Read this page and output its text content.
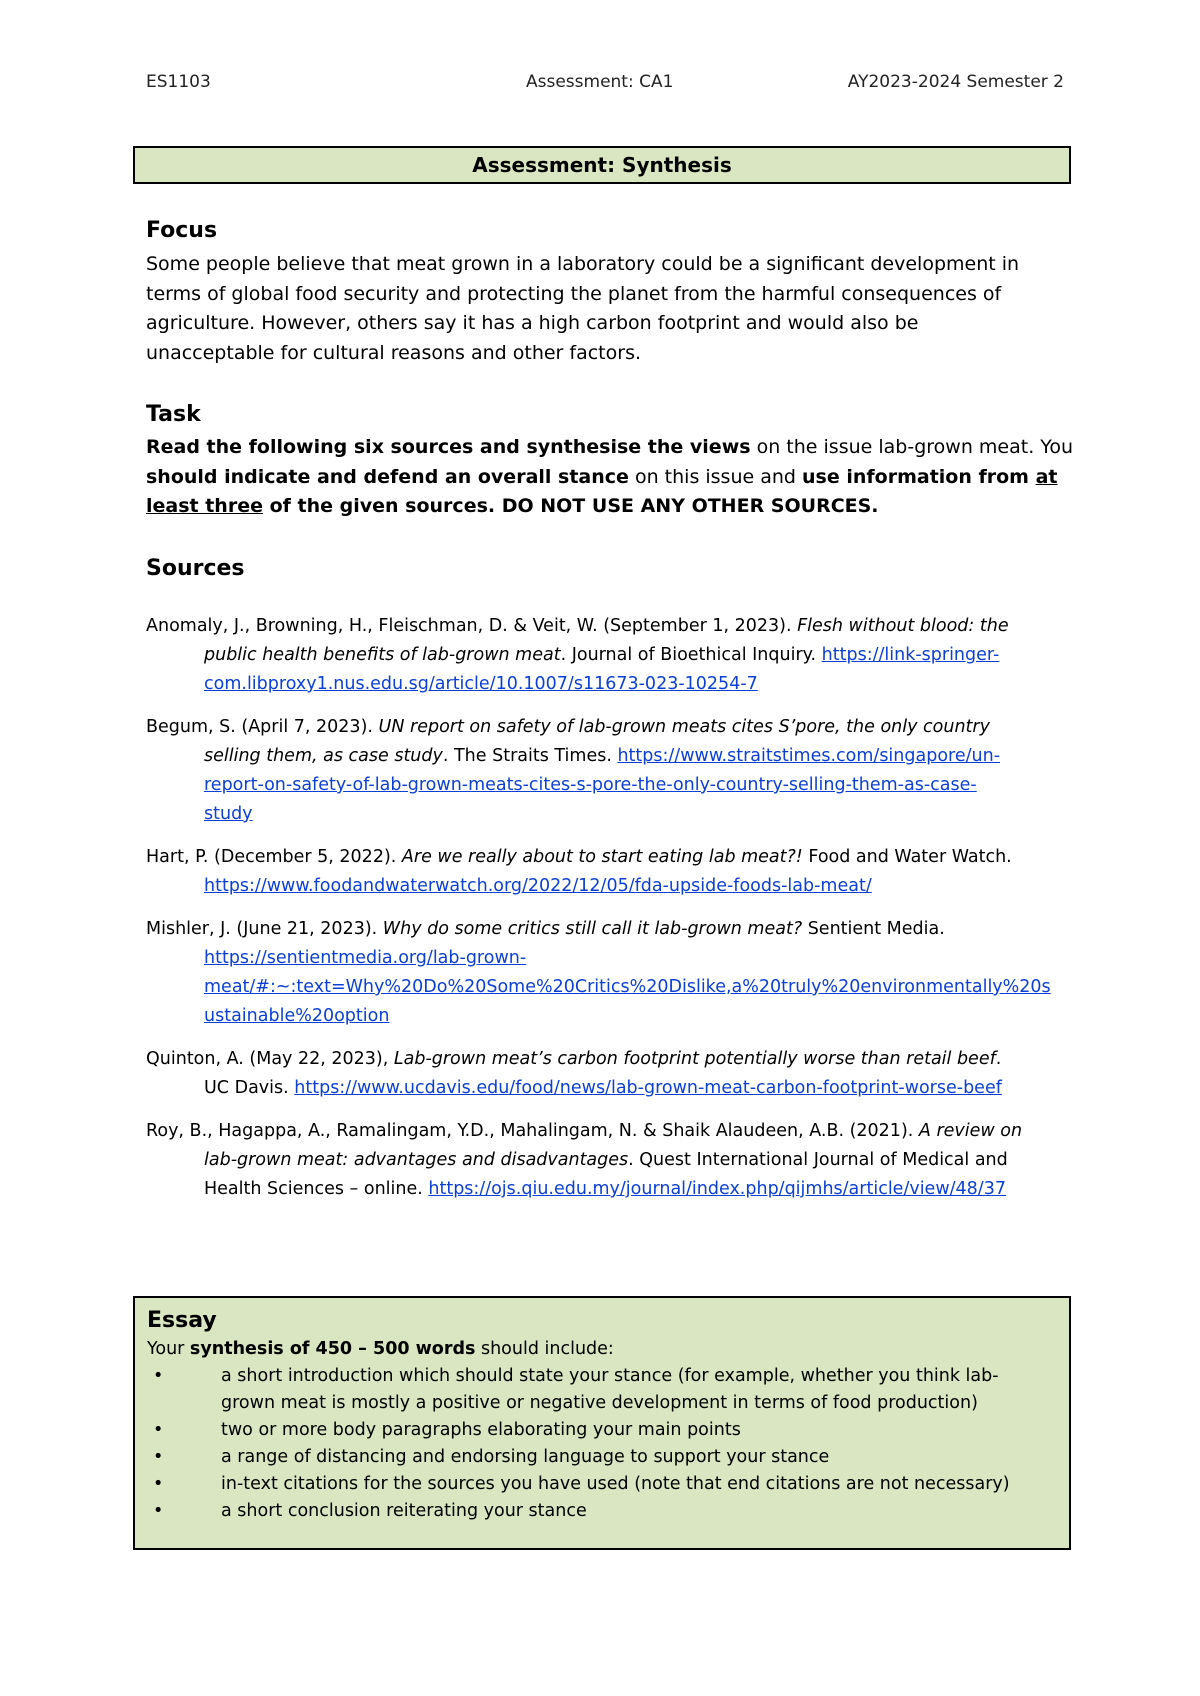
ES1103	Assessment: CA1	AY2023-2024 Semester 2
Assessment: Synthesis
Focus
Some people believe that meat grown in a laboratory could be a significant development in
terms of global food security and protecting the planet from the harmful consequences of
agriculture. However, others say it has a high carbon footprint and would also be
unacceptable for cultural reasons and other factors.
Task
Read the following six sources and synthesise the views on the issue lab-grown meat. You
should indicate and defend an overall stance on this issue and use information from at
least three of the given sources. DO NOT USE ANY OTHER SOURCES.
Sources
Anomaly, J., Browning, H., Fleischman, D. & Veit, W. (September 1, 2023). Flesh without blood: the
public health benefits of lab-grown meat. Journal of Bioethical Inquiry. https://link-springer-
com.libproxy1.nus.edu.sg/article/10.1007/s11673-023-10254-7
Begum, S. (April 7, 2023). UN report on safety of lab-grown meats cites S’pore, the only country
selling them, as case study. The Straits Times. https://www.straitstimes.com/singapore/un-
report-on-safety-of-lab-grown-meats-cites-s-pore-the-only-country-selling-them-as-case-
study
Hart, P. (December 5, 2022). Are we really about to start eating lab meat?! Food and Water Watch.
https://www.foodandwaterwatch.org/2022/12/05/fda-upside-foods-lab-meat/
Mishler, J. (June 21, 2023). Why do some critics still call it lab-grown meat? Sentient Media.
https://sentientmedia.org/lab-grown-
meat/#:~:text=Why%20Do%20Some%20Critics%20Dislike,a%20truly%20environmentally%20s
ustainable%20option
Quinton, A. (May 22, 2023), Lab-grown meat’s carbon footprint potentially worse than retail beef.
UC Davis. https://www.ucdavis.edu/food/news/lab-grown-meat-carbon-footprint-worse-beef
Roy, B., Hagappa, A., Ramalingam, Y.D., Mahalingam, N. & Shaik Alaudeen, A.B. (2021). A review on
lab-grown meat: advantages and disadvantages. Quest International Journal of Medical and
Health Sciences – online. https://ojs.qiu.edu.my/journal/index.php/qijmhs/article/view/48/37
Essay
Your synthesis of 450 – 500 words should include:
•	a short introduction which should state your stance (for example, whether you think lab-
grown meat is mostly a positive or negative development in terms of food production)
•	two or more body paragraphs elaborating your main points
•	a range of distancing and endorsing language to support your stance
•	in-text citations for the sources you have used (note that end citations are not necessary)
•	a short conclusion reiterating your stance
